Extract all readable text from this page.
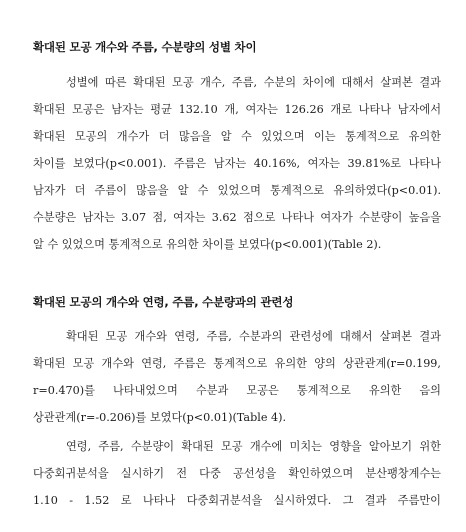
확대된 모공 개수와 주름, 수분량의 성별 차이
성별에 따른 확대된 모공 개수, 주름, 수분의 차이에 대해서 살펴본 결과
확대된 모공은 남자는 평균 132.10 개, 여자는 126.26 개로 나타나 남자에서
확대된 모공의 개수가 더 많음을 알 수 있었으며 이는 통계적으로 유의한
차이를 보였다(p<0.001). 주름은 남자는 40.16%, 여자는 39.81%로 나타나
남자가 더 주름이 많음을 알 수 있었으며 통계적으로 유의하였다(p<0.01).
수분량은 남자는 3.07 점, 여자는 3.62 점으로 나타나 여자가 수분량이 높음을
알 수 있었으며 통계적으로 유의한 차이를 보였다(p<0.001)(Table 2).
확대된 모공의 개수와 연령, 주름, 수분량과의 관련성
확대된 모공 개수와 연령, 주름, 수분과의 관련성에 대해서 살펴본 결과
확대된 모공 개수와 연령, 주름은 통계적으로 유의한 양의 상관관계(r=0.199,
r=0.470)를 나타내었으며 수분과 모공은 통계적으로 유의한 음의
상관관계(r=-0.206)를 보였다(p<0.01)(Table 4).
연령, 주름, 수분량이 확대된 모공 개수에 미치는 영향을 알아보기 위한
다중회귀분석을 실시하기 전 다중 공선성을 확인하였으며 분산팽창계수는
1.10 - 1.52 로 나타나 다중회귀분석을 실시하였다. 그 결과 주름만이
